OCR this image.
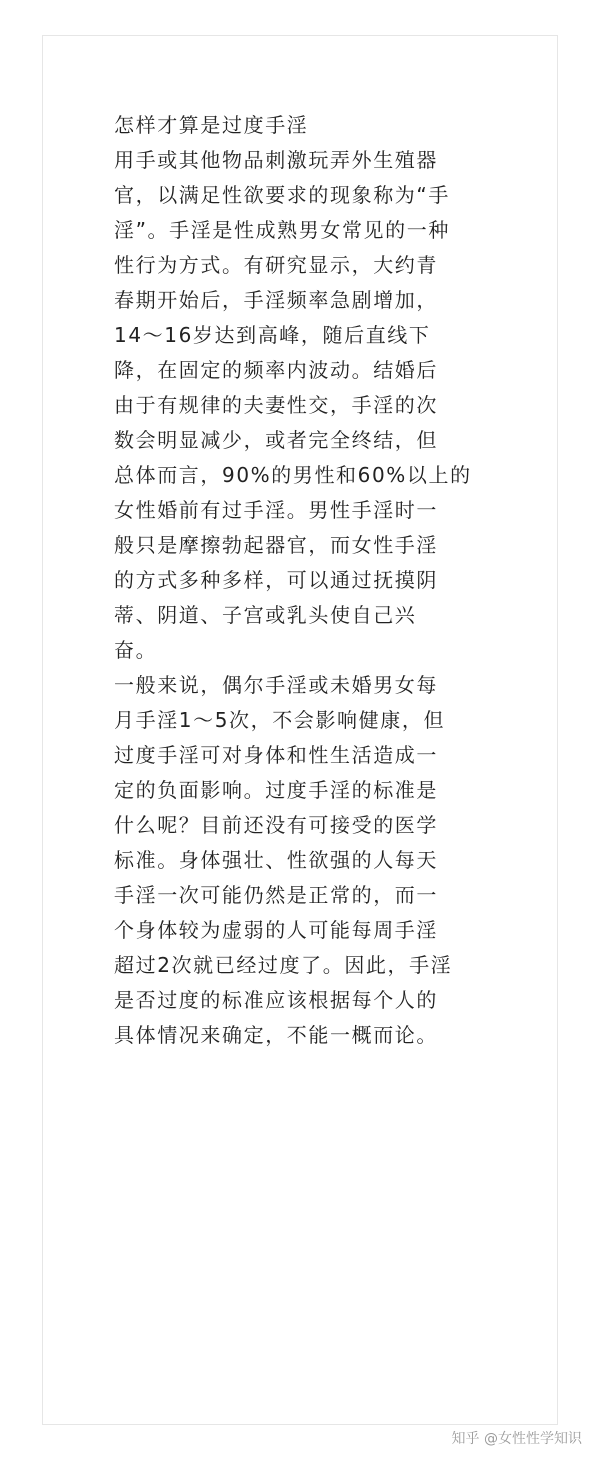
怎样才算是过度手淫
用手或其他物品刺激玩弄外生殖器
官，以满足性欲要求的现象称为“手
淫”。手淫是性成熟男女常见的一种
性行为方式。有研究显示，大约青
春期开始后，手淫频率急剧增加，
14～16岁达到高峰，随后直线下
降，在固定的频率内波动。结婚后
由于有规律的夫妻性交，手淫的次
数会明显减少，或者完全终结，但
总体而言，90%的男性和60%以上的
女性婚前有过手淫。男性手淫时一
般只是摩擦勃起器官，而女性手淫
的方式多种多样，可以通过抚摸阴
蒂、阴道、子宫或乳头使自己兴
奋。
一般来说，偶尔手淫或未婚男女每
月手淫1～5次，不会影响健康，但
过度手淫可对身体和性生活造成一
定的负面影响。过度手淫的标准是
什么呢？目前还没有可接受的医学
标准。身体强壮、性欲强的人每天
手淫一次可能仍然是正常的，而一
个身体较为虚弱的人可能每周手淫
超过2次就已经过度了。因此，手淫
是否过度的标准应该根据每个人的
具体情况来确定，不能一概而论。
知乎 @女性性学知识
